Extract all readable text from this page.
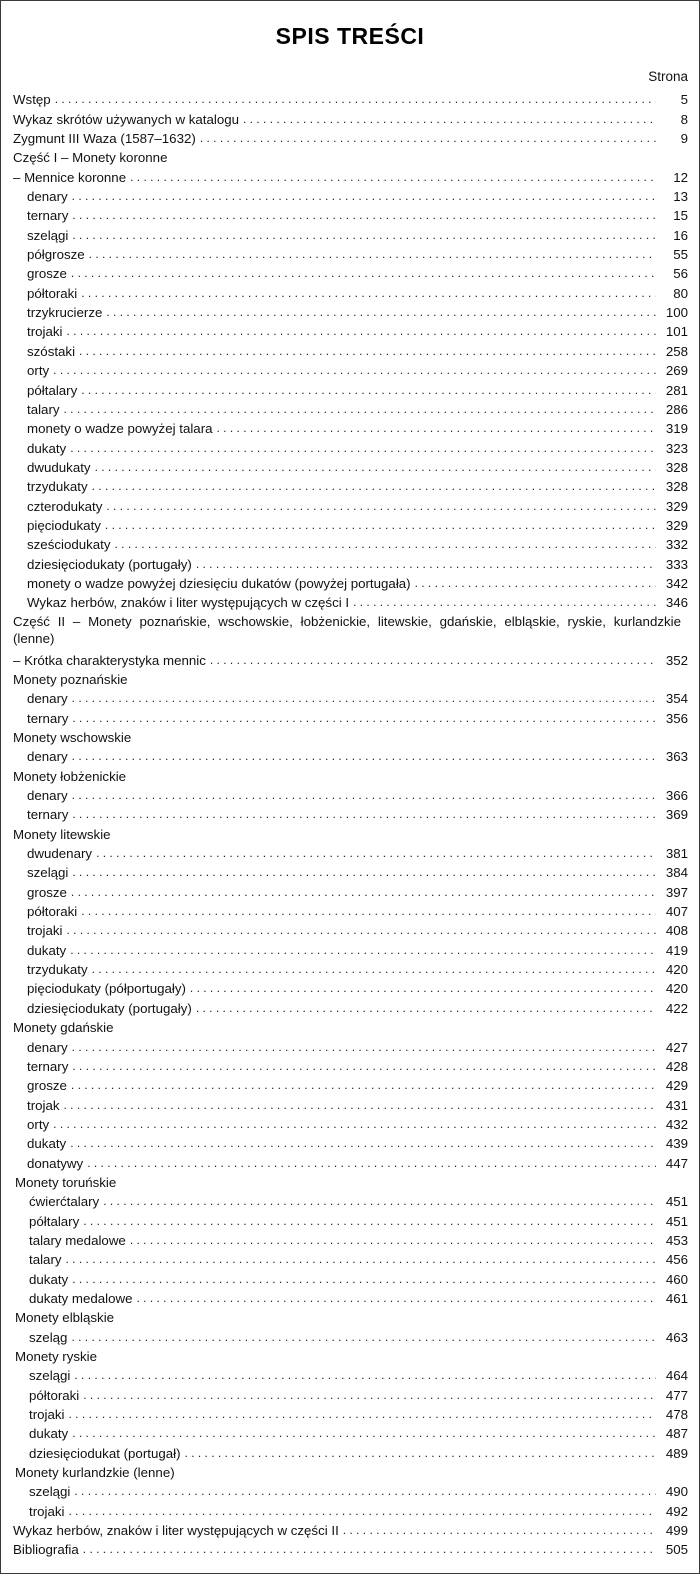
SPIS TREŚCI
Strona
Wstęp . . .	5
Wykaz skrótów używanych w katalogu . . .	8
Zygmunt III Waza (1587–1632) . . .	9
Część I – Monety koronne
– Mennice koronne . . .	12
denary . . .	13
ternary . . .	15
szelągi . . .	16
półgrosze . . .	55
grosze . . .	56
półtoraki . . .	80
trzykrucierze . . .	100
trojaki . . .	101
szóstaki . . .	258
orty . . .	269
półtalary . . .	281
talary . . .	286
monety o wadze powyżej talara . . .	319
dukaty . . .	323
dwudukaty . . .	328
trzydukaty . . .	328
czterodukaty . . .	329
pięciodukaty . . .	329
sześciodukaty . . .	332
dziesięciodukaty (portugały) . . .	333
monety o wadze powyżej dziesięciu dukatów (powyżej portugała) . . .	342
Wykaz herbów, znaków i liter występujących w części I . . .	346
Część II – Monety poznańskie, wschowskie, łobżenickie, litewskie, gdańskie, elbląskie, ryskie, kurlandzkie (lenne)
– Krótka charakterystyka mennic . . .	352
Monety poznańskie
denary . . .	354
ternary . . .	356
Monety wschowskie
denary . . .	363
Monety łobżenickie
denary . . .	366
ternary . . .	369
Monety litewskie
dwudenary . . .	381
szelągi . . .	384
grosze . . .	397
półtoraki . . .	407
trojaki . . .	408
dukaty . . .	419
trzydukaty . . .	420
pięciodukaty (półportugały) . . .	420
dziesięciodukaty (portugały) . . .	422
Monety gdańskie
denary . . .	427
ternary . . .	428
grosze . . .	429
trojak . . .	431
orty . . .	432
dukaty . . .	439
donatywy . . .	447
Monety toruńskie
ćwierćtalary . . .	451
półtalary . . .	451
talary medalowe . . .	453
talary . . .	456
dukaty . . .	460
dukaty medalowe . . .	461
Monety elbląskie
szeląg . . .	463
Monety ryskie
szelągi . . .	464
półtoraki . . .	477
trojaki . . .	478
dukaty . . .	487
dziesięciodukat (portugał) . . .	489
Monety kurlandzkie (lenne)
szelągi . . .	490
trojaki . . .	492
Wykaz herbów, znaków i liter występujących w części II . . .	499
Bibliografia . . .	505
